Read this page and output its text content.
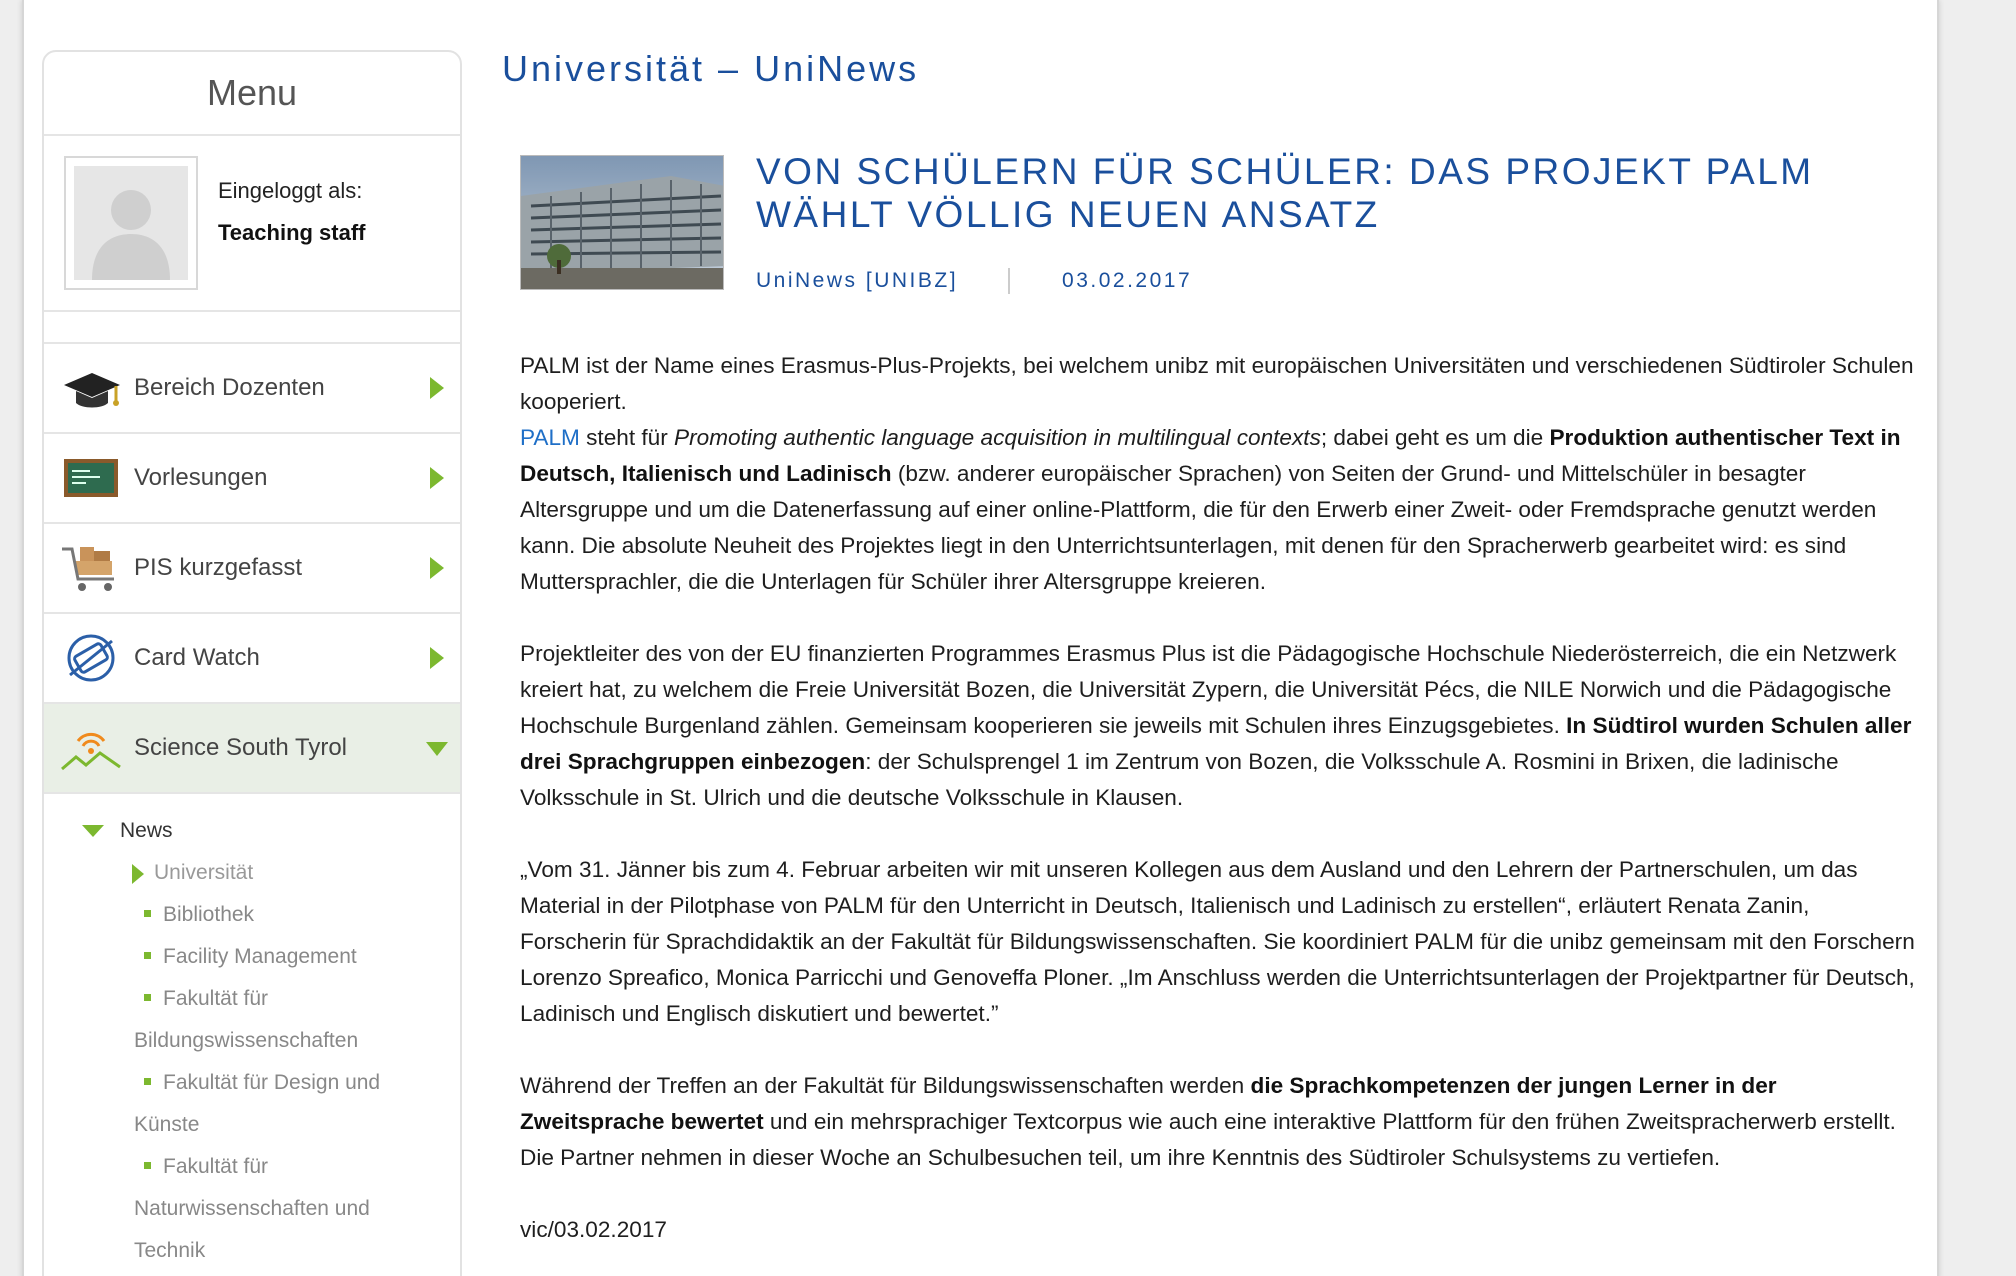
Menu
Eingeloggt als:
Teaching staff
Bereich Dozenten
Vorlesungen
PIS kurzgefasst
Card Watch
Science South Tyrol
News
Universität
Bibliothek
Facility Management
Fakultät für
Bildungswissenschaften
Fakultät für Design und
Künste
Fakultät für
Naturwissenschaften und
Technik
Universität – UniNews
VON SCHÜLERN FÜR SCHÜLER: DAS PROJEKT PALM
WÄHLT VÖLLIG NEUEN ANSATZ
UniNews [UNIBZ]	03.02.2017

PALM ist der Name eines Erasmus-Plus-Projekts, bei welchem unibz mit europäischen Universitäten und verschiedenen Südtiroler Schulen kooperiert.

PALM steht für Promoting authentic language acquisition in multilingual contexts; dabei geht es um die Produktion authentischer Text in Deutsch, Italienisch und Ladinisch (bzw. anderer europäischer Sprachen) von Seiten der Grund- und Mittelschüler in besagter Altersgruppe und um die Datenerfassung auf einer online-Plattform, die für den Erwerb einer Zweit- oder Fremdsprache genutzt werden kann. Die absolute Neuheit des Projektes liegt in den Unterrichtsunterlagen, mit denen für den Spracherwerb gearbeitet wird: es sind Muttersprachler, die die Unterlagen für Schüler ihrer Altersgruppe kreieren.

Projektleiter des von der EU finanzierten Programmes Erasmus Plus ist die Pädagogische Hochschule Niederösterreich, die ein Netzwerk kreiert hat, zu welchem die Freie Universität Bozen, die Universität Zypern, die Universität Pécs, die NILE Norwich und die Pädagogische Hochschule Burgenland zählen. Gemeinsam kooperieren sie jeweils mit Schulen ihres Einzugsgebietes. In Südtirol wurden Schulen aller drei Sprachgruppen einbezogen: der Schulsprengel 1 im Zentrum von Bozen, die Volksschule A. Rosmini in Brixen, die ladinische Volksschule in St. Ulrich und die deutsche Volksschule in Klausen.

„Vom 31. Jänner bis zum 4. Februar arbeiten wir mit unseren Kollegen aus dem Ausland und den Lehrern der Partnerschulen, um das Material in der Pilotphase von PALM für den Unterricht in Deutsch, Italienisch und Ladinisch zu erstellen“, erläutert Renata Zanin, Forscherin für Sprachdidaktik an der Fakultät für Bildungswissenschaften. Sie koordiniert PALM für die unibz gemeinsam mit den Forschern Lorenzo Spreafico, Monica Parricchi und Genoveffa Ploner. „Im Anschluss werden die Unterrichtsunterlagen der Projektpartner für Deutsch, Ladinisch und Englisch diskutiert und bewertet.”

Während der Treffen an der Fakultät für Bildungswissenschaften werden die Sprachkompetenzen der jungen Lerner in der Zweitsprache bewertet und ein mehrsprachiger Textcorpus wie auch eine interaktive Plattform für den frühen Zweitspracherwerb erstellt. Die Partner nehmen in dieser Woche an Schulbesuchen teil, um ihre Kenntnis des Südtiroler Schulsystems zu vertiefen.

vic/03.02.2017
